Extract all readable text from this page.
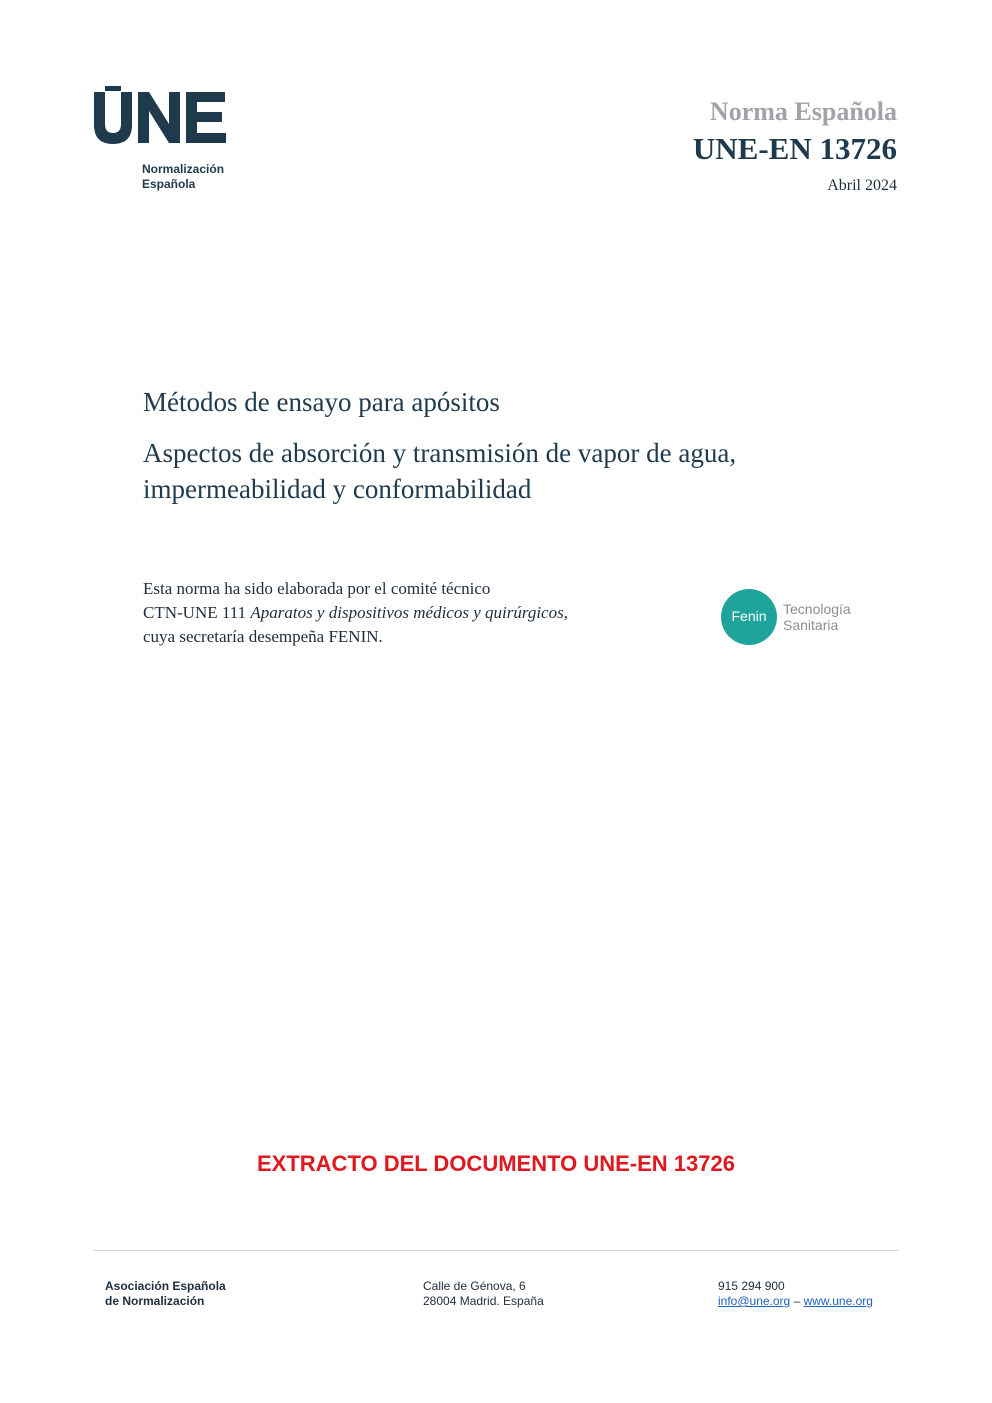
Normalización
Española
Norma Española
UNE-EN 13726
Abril 2024
Métodos de ensayo para apósitos
Aspectos de absorción y transmisión de vapor de agua, impermeabilidad y conformabilidad
Esta norma ha sido elaborada por el comité técnico
CTN-UNE 111 Aparatos y dispositivos médicos y quirúrgicos,
cuya secretaría desempeña FENIN.
Fenin	Tecnología
Sanitaria
EXTRACTO DEL DOCUMENTO UNE-EN 13726
Asociación Española
de Normalización
Calle de Génova, 6
28004 Madrid. España
915 294 900
info@une.org – www.une.org
